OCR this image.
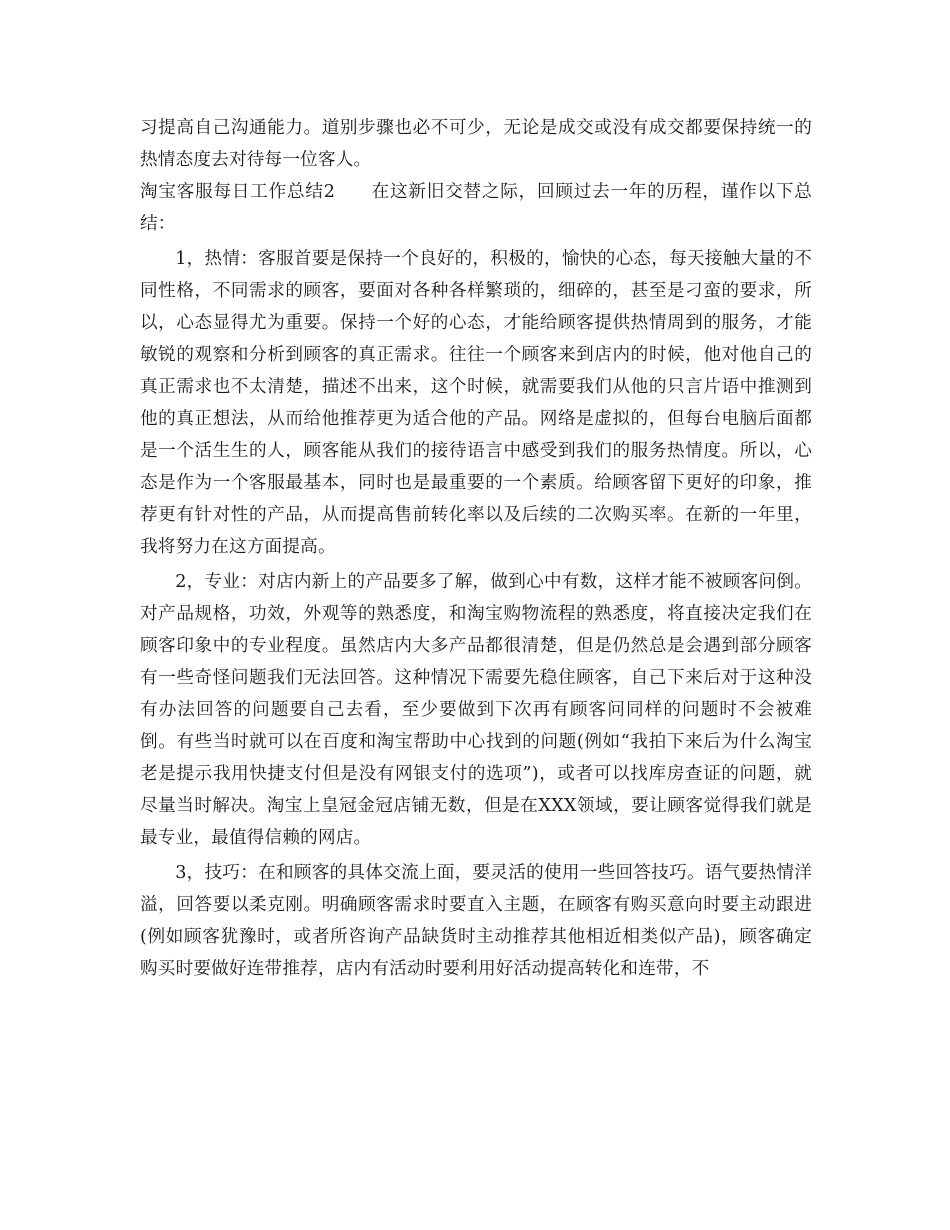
习提高自己沟通能力。道别步骤也必不可少，无论是成交或没有成交都要保持统一的热情态度去对待每一位客人。

淘宝客服每日工作总结2 在这新旧交替之际，回顾过去一年的历程，谨作以下总结：

1，热情：客服首要是保持一个良好的，积极的，愉快的心态，每天接触大量的不同性格，不同需求的顾客，要面对各种各样繁琐的，细碎的，甚至是刁蛮的要求，所以，心态显得尤为重要。保持一个好的心态，才能给顾客提供热情周到的服务，才能敏锐的观察和分析到顾客的真正需求。往往一个顾客来到店内的时候，他对他自己的真正需求也不太清楚，描述不出来，这个时候，就需要我们从他的只言片语中推测到他的真正想法，从而给他推荐更为适合他的产品。网络是虚拟的，但每台电脑后面都是一个活生生的人，顾客能从我们的接待语言中感受到我们的服务热情度。所以，心态是作为一个客服最基本，同时也是最重要的一个素质。给顾客留下更好的印象，推荐更有针对性的产品，从而提高售前转化率以及后续的二次购买率。在新的一年里，我将努力在这方面提高。

2，专业：对店内新上的产品要多了解，做到心中有数，这样才能不被顾客问倒。对产品规格，功效，外观等的熟悉度，和淘宝购物流程的熟悉度，将直接决定我们在顾客印象中的专业程度。虽然店内大多产品都很清楚，但是仍然总是会遇到部分顾客有一些奇怪问题我们无法回答。这种情况下需要先稳住顾客，自己下来后对于这种没有办法回答的问题要自己去看，至少要做到下次再有顾客问同样的问题时不会被难倒。有些当时就可以在百度和淘宝帮助中心找到的问题(例如“我拍下来后为什么淘宝老是提示我用快捷支付但是没有网银支付的选项”)，或者可以找库房查证的问题，就尽量当时解决。淘宝上皇冠金冠店铺无数，但是在XXX领域，要让顾客觉得我们就是最专业，最值得信赖的网店。

3，技巧：在和顾客的具体交流上面，要灵活的使用一些回答技巧。语气要热情洋溢，回答要以柔克刚。明确顾客需求时要直入主题，在顾客有购买意向时要主动跟进(例如顾客犹豫时，或者所咨询产品缺货时主动推荐其他相近相类似产品)，顾客确定购买时要做好连带推荐，店内有活动时要利用好活动提高转化和连带，不
